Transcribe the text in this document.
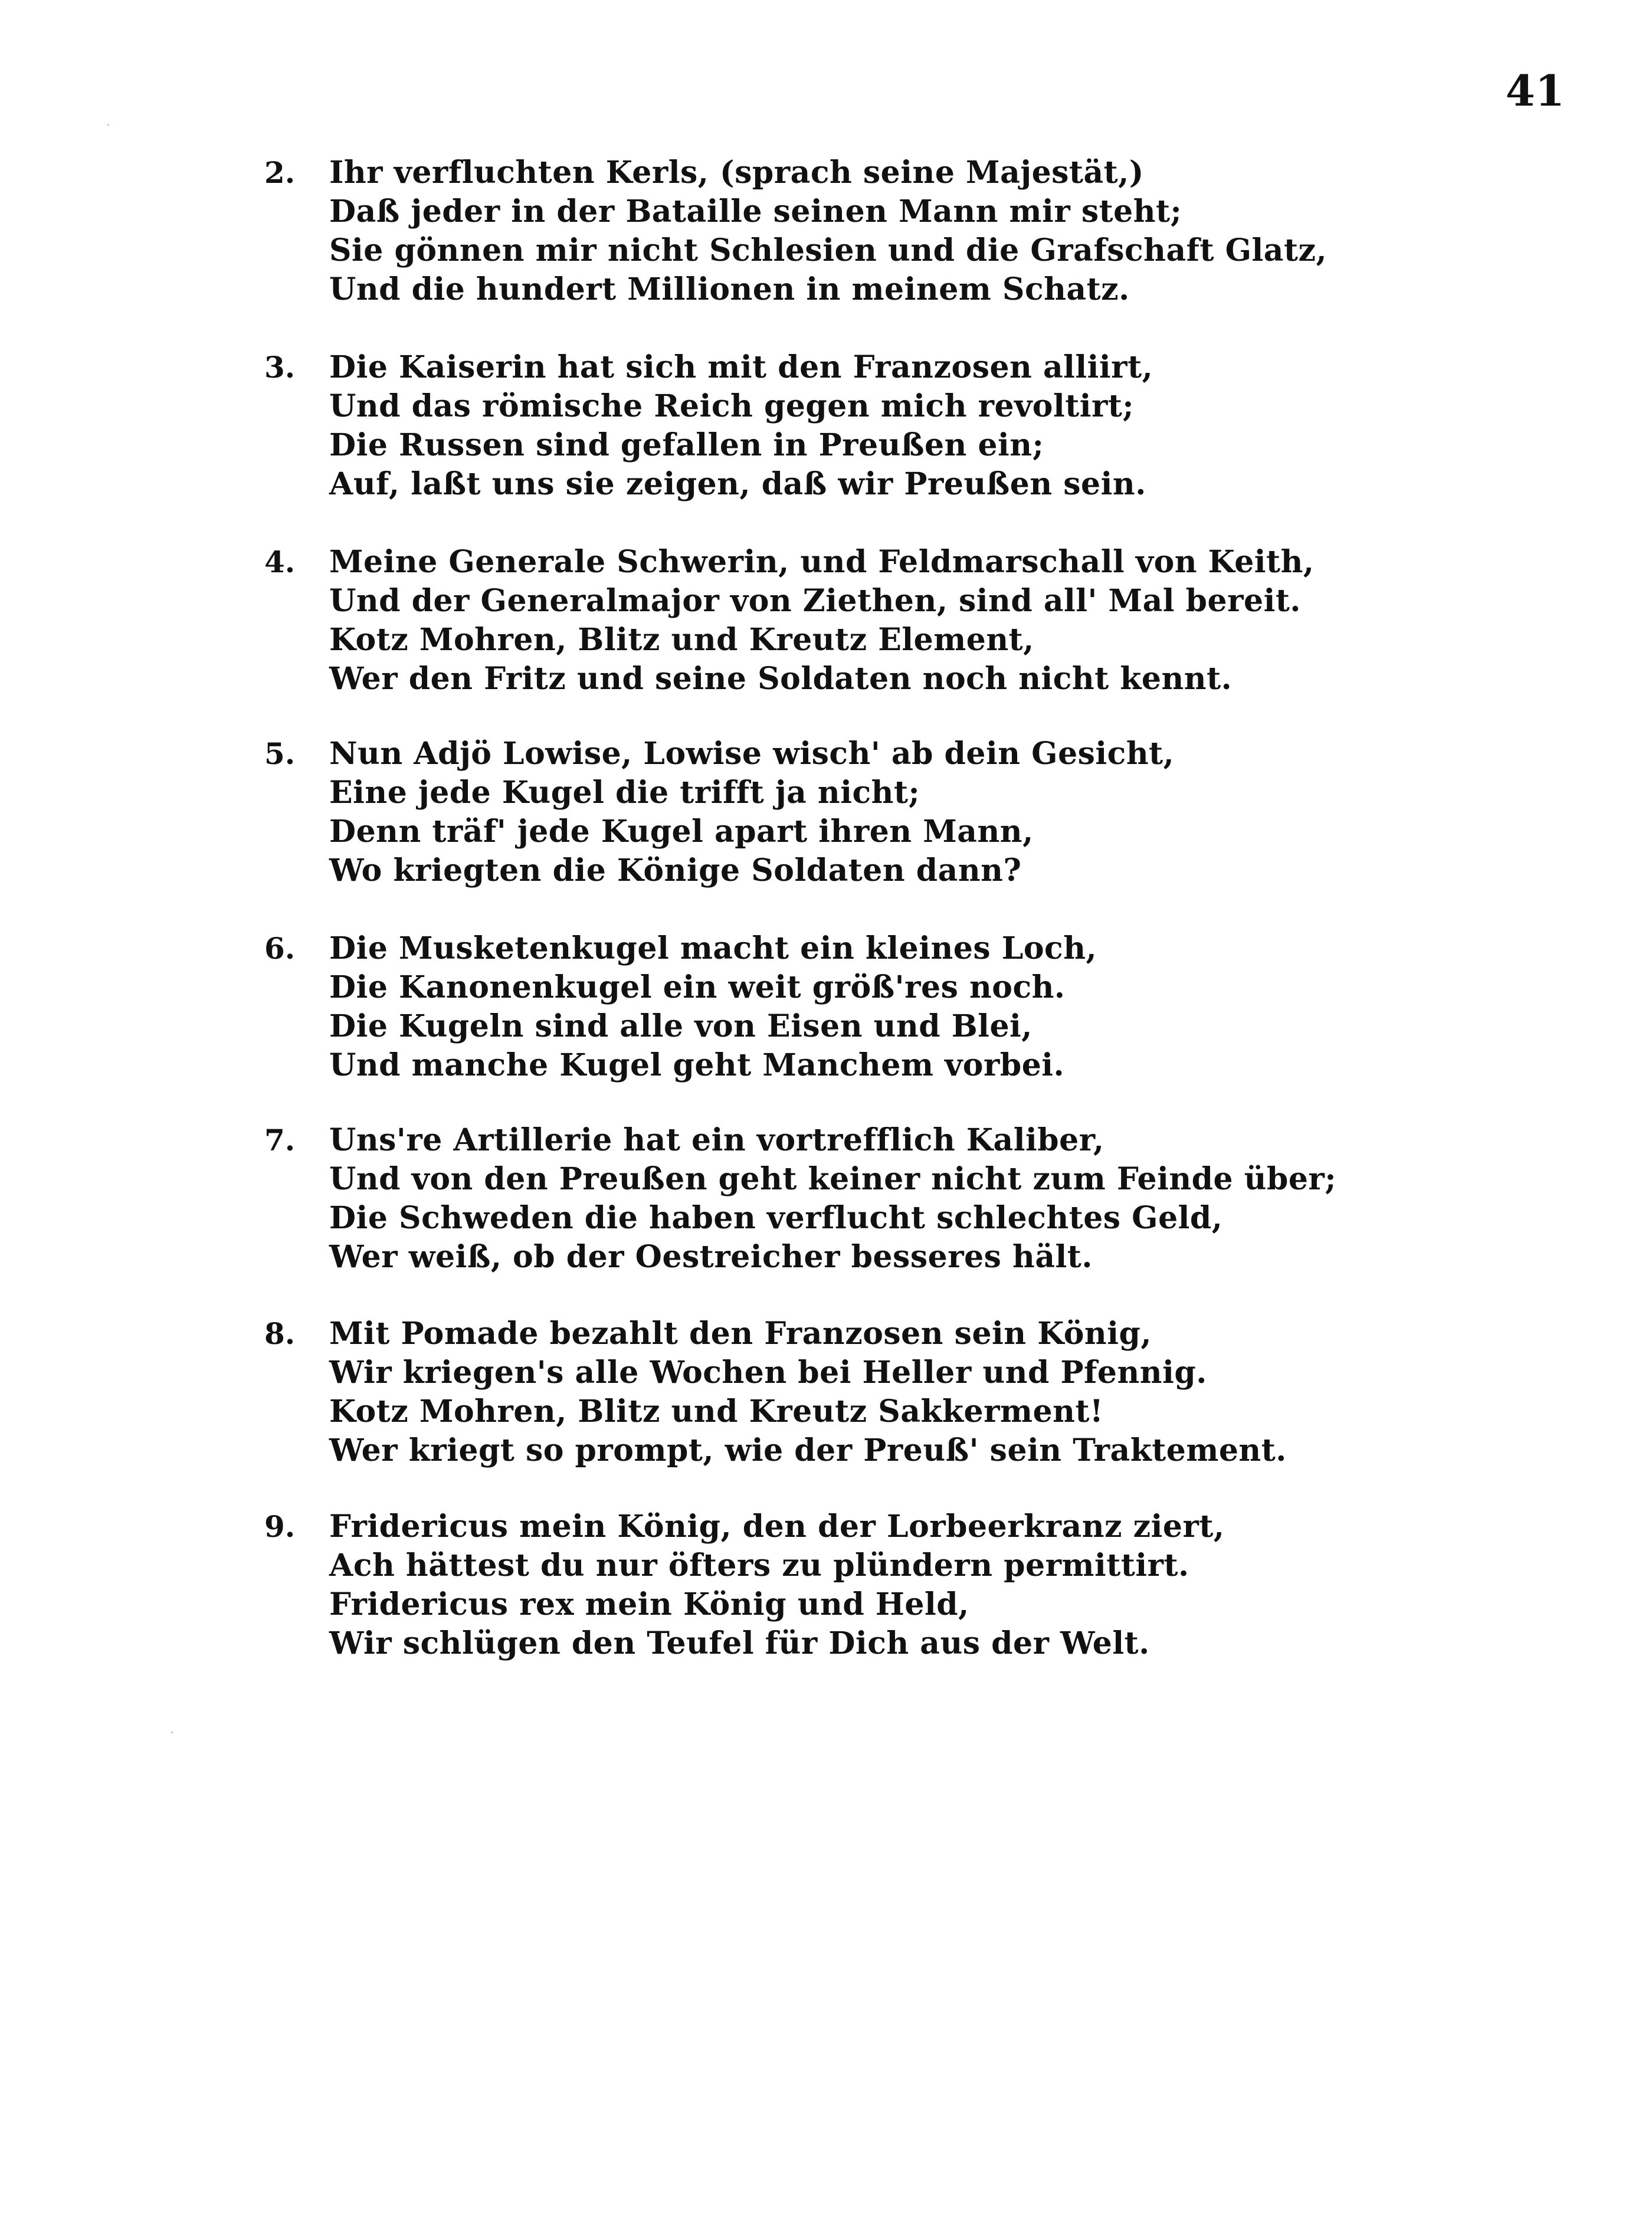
41
2. Ihr verfluchten Kerls, (sprach seine Majestät,)
Daß jeder in der Bataille seinen Mann mir steht;
Sie gönnen mir nicht Schlesien und die Grafschaft Glatz,
Und die hundert Millionen in meinem Schatz.
3. Die Kaiserin hat sich mit den Franzosen alliirt,
Und das römische Reich gegen mich revoltirt;
Die Russen sind gefallen in Preußen ein;
Auf, laßt uns sie zeigen, daß wir Preußen sein.
4. Meine Generale Schwerin, und Feldmarschall von Keith,
Und der Generalmajor von Ziethen, sind all' Mal bereit.
Kotz Mohren, Blitz und Kreutz Element,
Wer den Fritz und seine Soldaten noch nicht kennt.
5. Nun Adjö Lowise, Lowise wisch' ab dein Gesicht,
Eine jede Kugel die trifft ja nicht;
Denn träf' jede Kugel apart ihren Mann,
Wo kriegten die Könige Soldaten dann?
6. Die Musketenkugel macht ein kleines Loch,
Die Kanonenkugel ein weit größ'res noch.
Die Kugeln sind alle von Eisen und Blei,
Und manche Kugel geht Manchem vorbei.
7. Uns're Artillerie hat ein vortrefflich Kaliber,
Und von den Preußen geht keiner nicht zum Feinde über;
Die Schweden die haben verflucht schlechtes Geld,
Wer weiß, ob der Oestreicher besseres hält.
8. Mit Pomade bezahlt den Franzosen sein König,
Wir kriegen's alle Wochen bei Heller und Pfennig.
Kotz Mohren, Blitz und Kreutz Sakkerment!
Wer kriegt so prompt, wie der Preuß' sein Traktement.
9. Fridericus mein König, den der Lorbeerkranz ziert,
Ach hättest du nur öfters zu plündern permittirt.
Fridericus rex mein König und Held,
Wir schlügen den Teufel für Dich aus der Welt.
